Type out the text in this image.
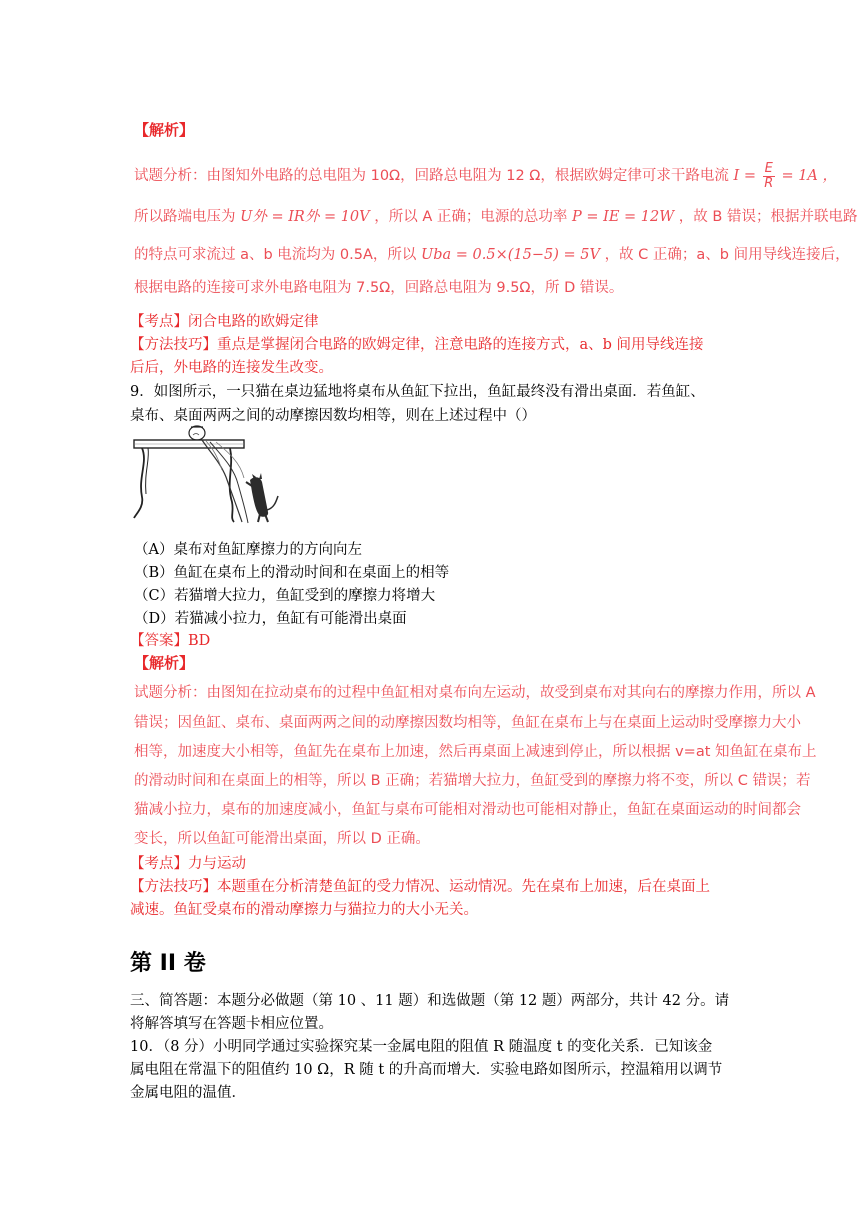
【解析】
试题分析：由图知外电路的总电阻为 10Ω，回路总电阻为 12 Ω，根据欧姆定律可求干路电流 $I = \frac{E}{R} = 1A$ ，
所以路端电压为 U外 = IR外 = 10V ，所以 A 正确；电源的总功率 P = IE = 12W ，故 B 错误；根据并联电路
的特点可求流过 a、b 电流均为 0.5A，所以 Uba = 0.5×(15−5) = 5V ，故 C 正确；a、b 间用导线连接后，
根据电路的连接可求外电路电阻为 7.5Ω，回路总电阻为 9.5Ω，所 D 错误。
【考点】闭合电路的欧姆定律
【方法技巧】重点是掌握闭合电路的欧姆定律，注意电路的连接方式，a、b 间用导线连接
后后，外电路的连接发生改变。
9．如图所示，一只猫在桌边猛地将桌布从鱼缸下拉出，鱼缸最终没有滑出桌面．若鱼缸、
桌布、桌面两两之间的动摩擦因数均相等，则在上述过程中（）
（A）桌布对鱼缸摩擦力的方向向左
（B）鱼缸在桌布上的滑动时间和在桌面上的相等
（C）若猫增大拉力，鱼缸受到的摩擦力将增大
（D）若猫减小拉力，鱼缸有可能滑出桌面
【答案】BD
【解析】
试题分析：由图知在拉动桌布的过程中鱼缸相对桌布向左运动，故受到桌布对其向右的摩擦力作用，所以 A
错误；因鱼缸、桌布、桌面两两之间的动摩擦因数均相等，鱼缸在桌布上与在桌面上运动时受摩擦力大小
相等，加速度大小相等，鱼缸先在桌布上加速，然后再桌面上减速到停止，所以根据 v=at 知鱼缸在桌布上
的滑动时间和在桌面上的相等，所以 B 正确；若猫增大拉力，鱼缸受到的摩擦力将不变，所以 C 错误；若
猫减小拉力，桌布的加速度减小，鱼缸与桌布可能相对滑动也可能相对静止，鱼缸在桌面运动的时间都会
变长，所以鱼缸可能滑出桌面，所以 D 正确。
【考点】力与运动
【方法技巧】本题重在分析清楚鱼缸的受力情况、运动情况。先在桌布上加速，后在桌面上
减速。鱼缸受桌布的滑动摩擦力与猫拉力的大小无关。
第 II 卷
三、简答题：本题分必做题（第 10 、11 题）和选做题（第 12 题）两部分，共计 42 分。请
将解答填写在答题卡相应位置。
10．（8 分）小明同学通过实验探究某一金属电阻的阻值 R 随温度 t 的变化关系．已知该金
属电阻在常温下的阻值约 10 Ω，R 随 t 的升高而增大．实验电路如图所示，控温箱用以调节
金属电阻的温值．
